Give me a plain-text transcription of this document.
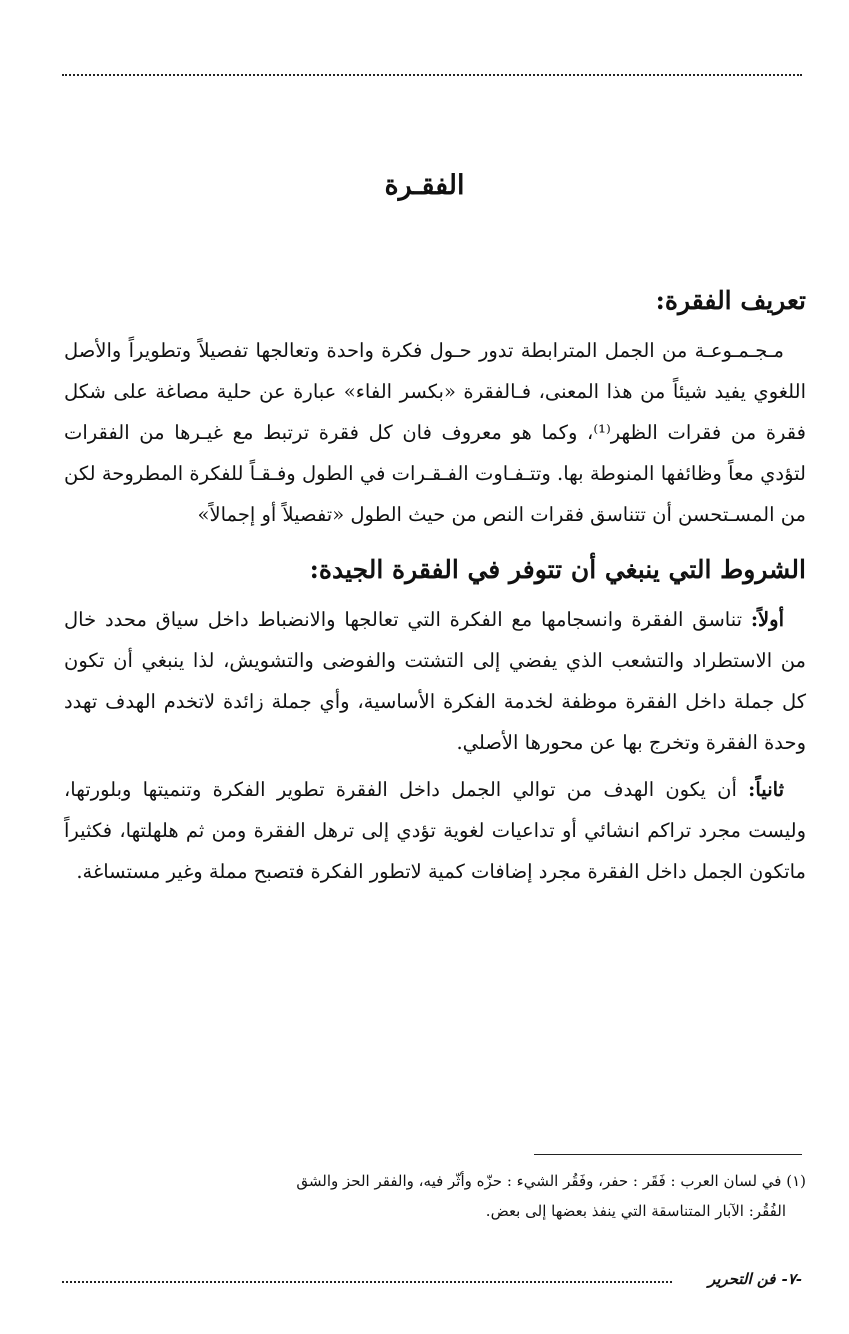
الفقـرة
تعريف الفقرة:

مـجـمـوعـة من الجمل المترابطة تدور حـول فكرة واحدة وتعالجها تفصيلاً وتطويراً والأصل اللغوي يفيد شيئاً من هذا المعنى، فـالفقرة «بكسر الفاء» عبارة عن حلية مصاغة على شكل فقرة من فقرات الظهر⁽¹⁾، وكما هو معروف فان كل فقرة ترتبط مع غيـرها من الفقرات لتؤدي معاً وظائفها المنوطة بها. وتتـفـاوت الفـقـرات في الطول وفـقـاً للفكرة المطروحة لكن من المسـتحسن أن تتناسق فقرات النص من حيث الطول «تفصيلاً أو إجمالاً»

الشروط التي ينبغي أن تتوفر في الفقرة الجيدة:

أولاً: تناسق الفقرة وانسجامها مع الفكرة التي تعالجها والانضباط داخل سياق محدد خال من الاستطراد والتشعب الذي يفضي إلى التشتت والفوضى والتشويش، لذا ينبغي أن تكون كل جملة داخل الفقرة موظفة لخدمة الفكرة الأساسية، وأي جملة زائدة لاتخدم الهدف تهدد وحدة الفقرة وتخرج بها عن محورها الأصلي.

ثانياً: أن يكون الهدف من توالي الجمل داخل الفقرة تطوير الفكرة وتنميتها وبلورتها، وليست مجرد تراكم انشائي أو تداعيات لغوية تؤدي إلى ترهل الفقرة ومن ثم هلهلتها، فكثيراً ماتكون الجمل داخل الفقرة مجرد إضافات كمية لاتطور الفكرة فتصبح مملة وغير مستساغة.

(١) في لسان العرب : فَقَر : حفر، وفَقُر الشيء : حزّه وأثّر فيه، والفقر الحز والشق
الفُقُر: الآبار المتناسقة التي ينفذ بعضها إلى بعض.
-٧-فن التحرير
